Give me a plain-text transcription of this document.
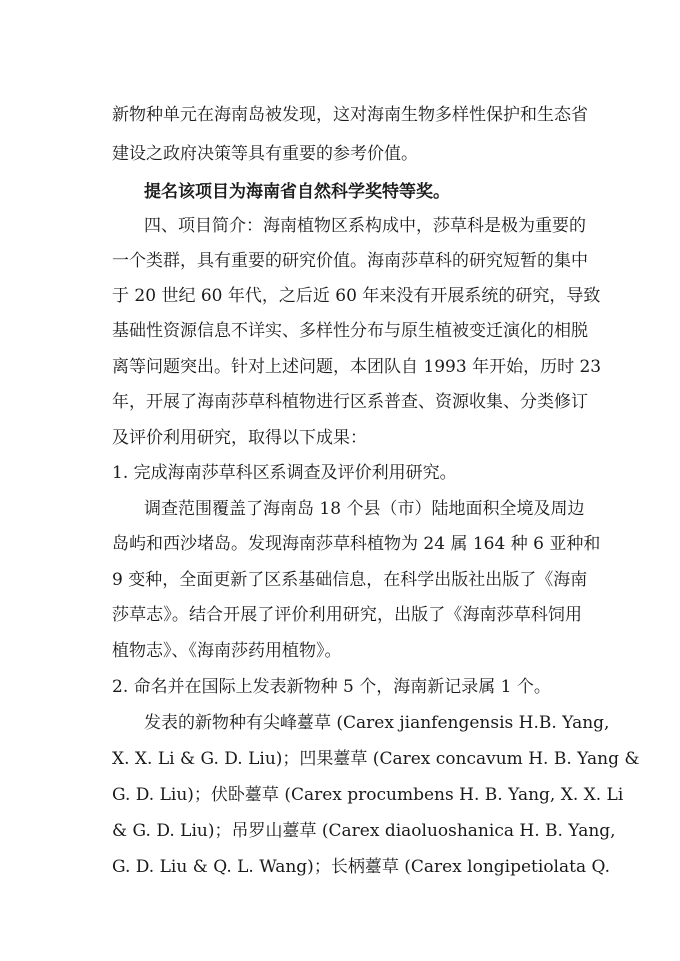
新物种单元在海南岛被发现，这对海南生物多样性保护和生态省
建设之政府决策等具有重要的参考价值。
提名该项目为海南省自然科学奖特等奖。
四、项目简介：海南植物区系构成中，莎草科是极为重要的
一个类群，具有重要的研究价值。海南莎草科的研究短暂的集中
于 20 世纪 60 年代，之后近 60 年来没有开展系统的研究，导致
基础性资源信息不详实、多样性分布与原生植被变迁演化的相脱
离等问题突出。针对上述问题，本团队自 1993 年开始，历时 23
年，开展了海南莎草科植物进行区系普查、资源收集、分类修订
及评价利用研究，取得以下成果：
1. 完成海南莎草科区系调查及评价利用研究。
调查范围覆盖了海南岛 18 个县（市）陆地面积全境及周边
岛屿和西沙堵岛。发现海南莎草科植物为 24 属 164 种 6 亚种和
9 变种，全面更新了区系基础信息，在科学出版社出版了《海南
莎草志》。结合开展了评价利用研究，出版了《海南莎草科饲用
植物志》、《海南莎药用植物》。
2. 命名并在国际上发表新物种 5 个，海南新记录属 1 个。
发表的新物种有尖峰薹草 (Carex jianfengensis H.B. Yang,
X. X. Li & G. D. Liu)；凹果薹草 (Carex concavum H. B. Yang &
G. D. Liu)；伏卧薹草 (Carex procumbens H. B. Yang, X. X. Li
& G. D. Liu)；吊罗山薹草 (Carex diaoluoshanica H. B. Yang,
G. D. Liu & Q. L. Wang)；长柄薹草 (Carex longipetiolata Q.
